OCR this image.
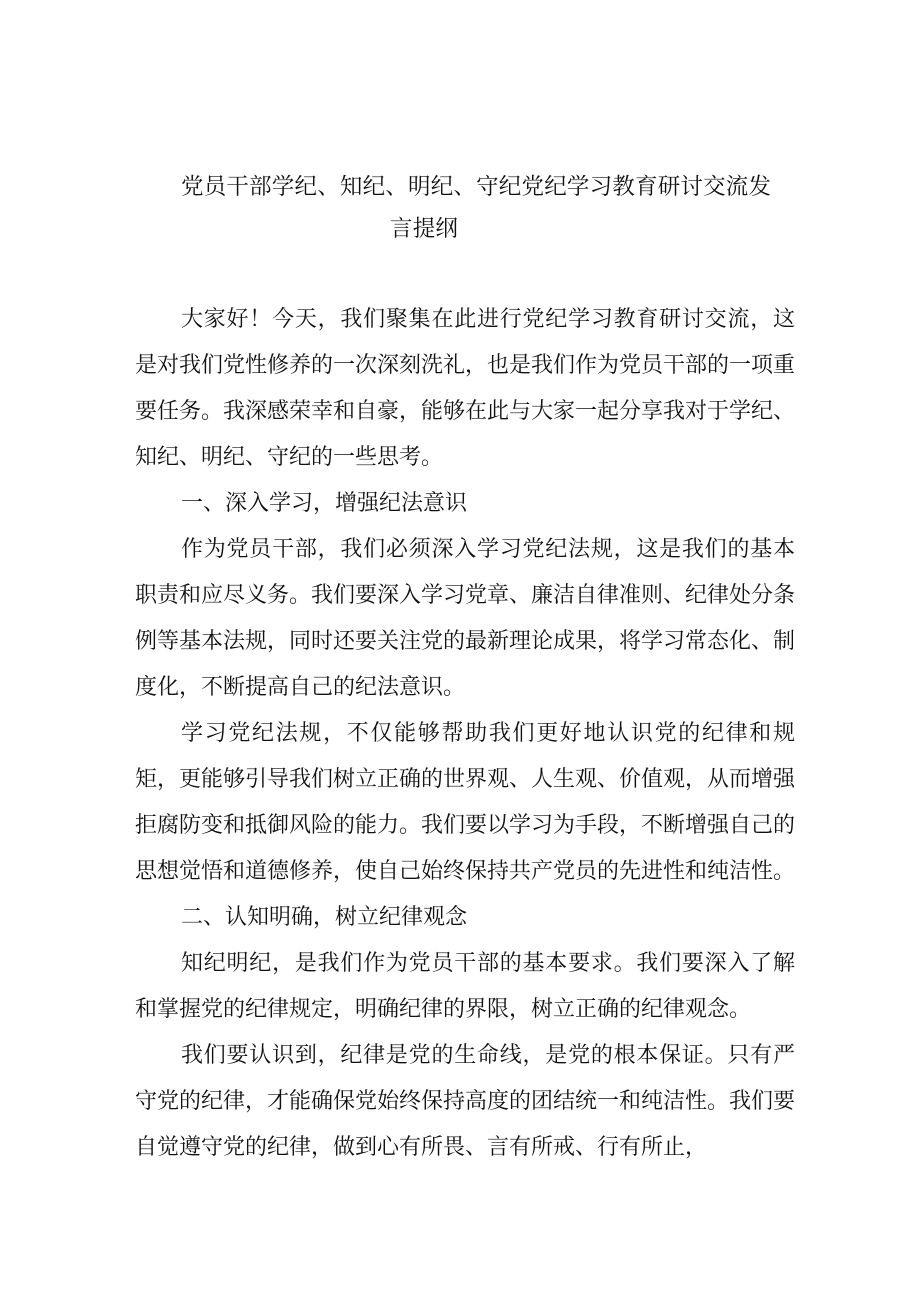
党员干部学纪、知纪、明纪、守纪党纪学习教育研讨交流发
言提纲

大家好！今天，我们聚集在此进行党纪学习教育研讨交流，这是对我们党性修养的一次深刻洗礼，也是我们作为党员干部的一项重要任务。我深感荣幸和自豪，能够在此与大家一起分享我对于学纪、知纪、明纪、守纪的一些思考。

一、深入学习，增强纪法意识

作为党员干部，我们必须深入学习党纪法规，这是我们的基本职责和应尽义务。我们要深入学习党章、廉洁自律准则、纪律处分条例等基本法规，同时还要关注党的最新理论成果，将学习常态化、制度化，不断提高自己的纪法意识。

学习党纪法规，不仅能够帮助我们更好地认识党的纪律和规矩，更能够引导我们树立正确的世界观、人生观、价值观，从而增强拒腐防变和抵御风险的能力。我们要以学习为手段，不断增强自己的思想觉悟和道德修养，使自己始终保持共产党员的先进性和纯洁性。

二、认知明确，树立纪律观念

知纪明纪，是我们作为党员干部的基本要求。我们要深入了解和掌握党的纪律规定，明确纪律的界限，树立正确的纪律观念。

我们要认识到，纪律是党的生命线，是党的根本保证。只有严守党的纪律，才能确保党始终保持高度的团结统一和纯洁性。我们要自觉遵守党的纪律，做到心有所畏、言有所戒、行有所止，
